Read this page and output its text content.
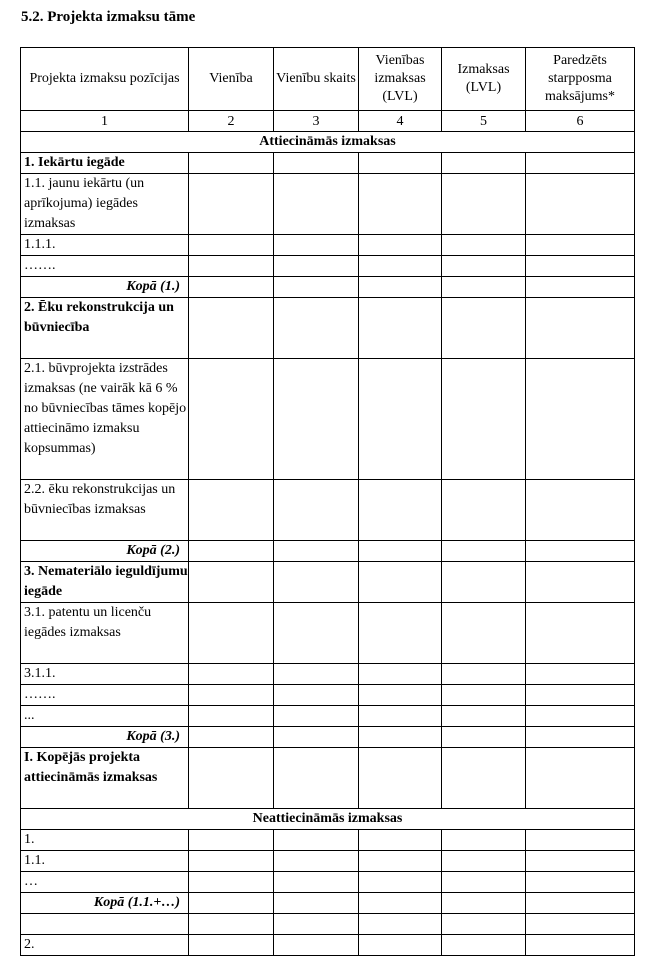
5.2. Projekta izmaksu tāme
Projekta izmaksu pozīcijas	Vienība	Vienību skaits	Vienības izmaksas (LVL)	Izmaksas (LVL)	Paredzēts starpposma maksājums*
1	2	3	4	5	6
Attiecināmās izmaksas					
1. Iekārtu iegāde					
1.1. jaunu iekārtu (un aprīkojuma) iegādes izmaksas					
1.1.1.					
…….					
Kopā (1.)					
2. Ēku rekonstrukcija un būvniecība					
2.1. būvprojekta izstrādes izmaksas (ne vairāk kā 6 % no būvniecības tāmes kopējo attiecināmo izmaksu kopsummas)					
2.2. ēku rekonstrukcijas un būvniecības izmaksas					
Kopā (2.)					
3. Nemateriālo ieguldījumu iegāde					
3.1. patentu un licenču iegādes izmaksas					
3.1.1.					
…….					
...					
Kopā (3.)					
I. Kopējās projekta attiecināmās izmaksas					
Neattiecināmās izmaksas					
1.					
1.1.					
…					
Kopā (1.1.+…)					

2.					
